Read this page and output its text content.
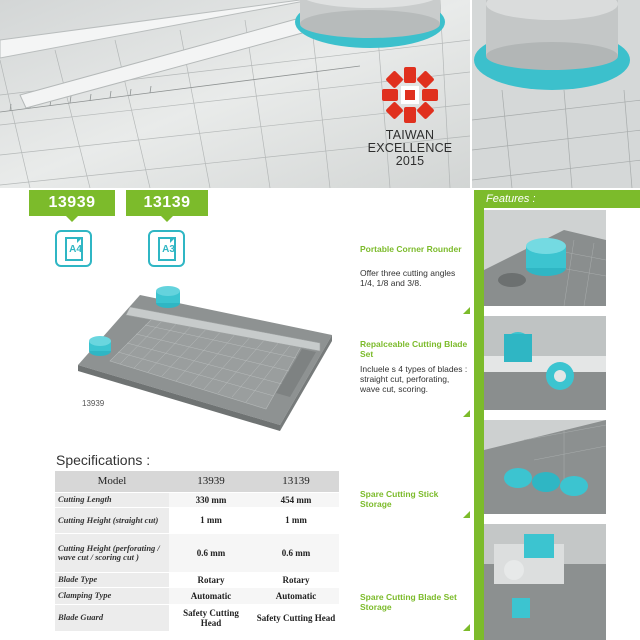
TAIWAN
EXCELLENCE
2015
13939	13139
A4	A3
13939
Specifications :
Model	13939	13139
Cutting Length	330 mm	454 mm
Cutting Height (straight cut)	1 mm	1 mm
Cutting Height (perforating / wave cut / scoring cut )	0.6 mm	0.6 mm
Blade Type	Rotary	Rotary
Clamping Type	Automatic	Automatic
Blade Guard	Safety Cutting Head	Safety Cutting Head
Features :
Portable Corner Rounder
Offer three cutting angles 1/4, 1/8 and 3/8.
Repalceable Cutting Blade Set
Incluele s 4 types of blades : straight cut, perforating, wave cut, scoring.
Spare Cutting Stick Storage
Spare Cutting Blade Set Storage
